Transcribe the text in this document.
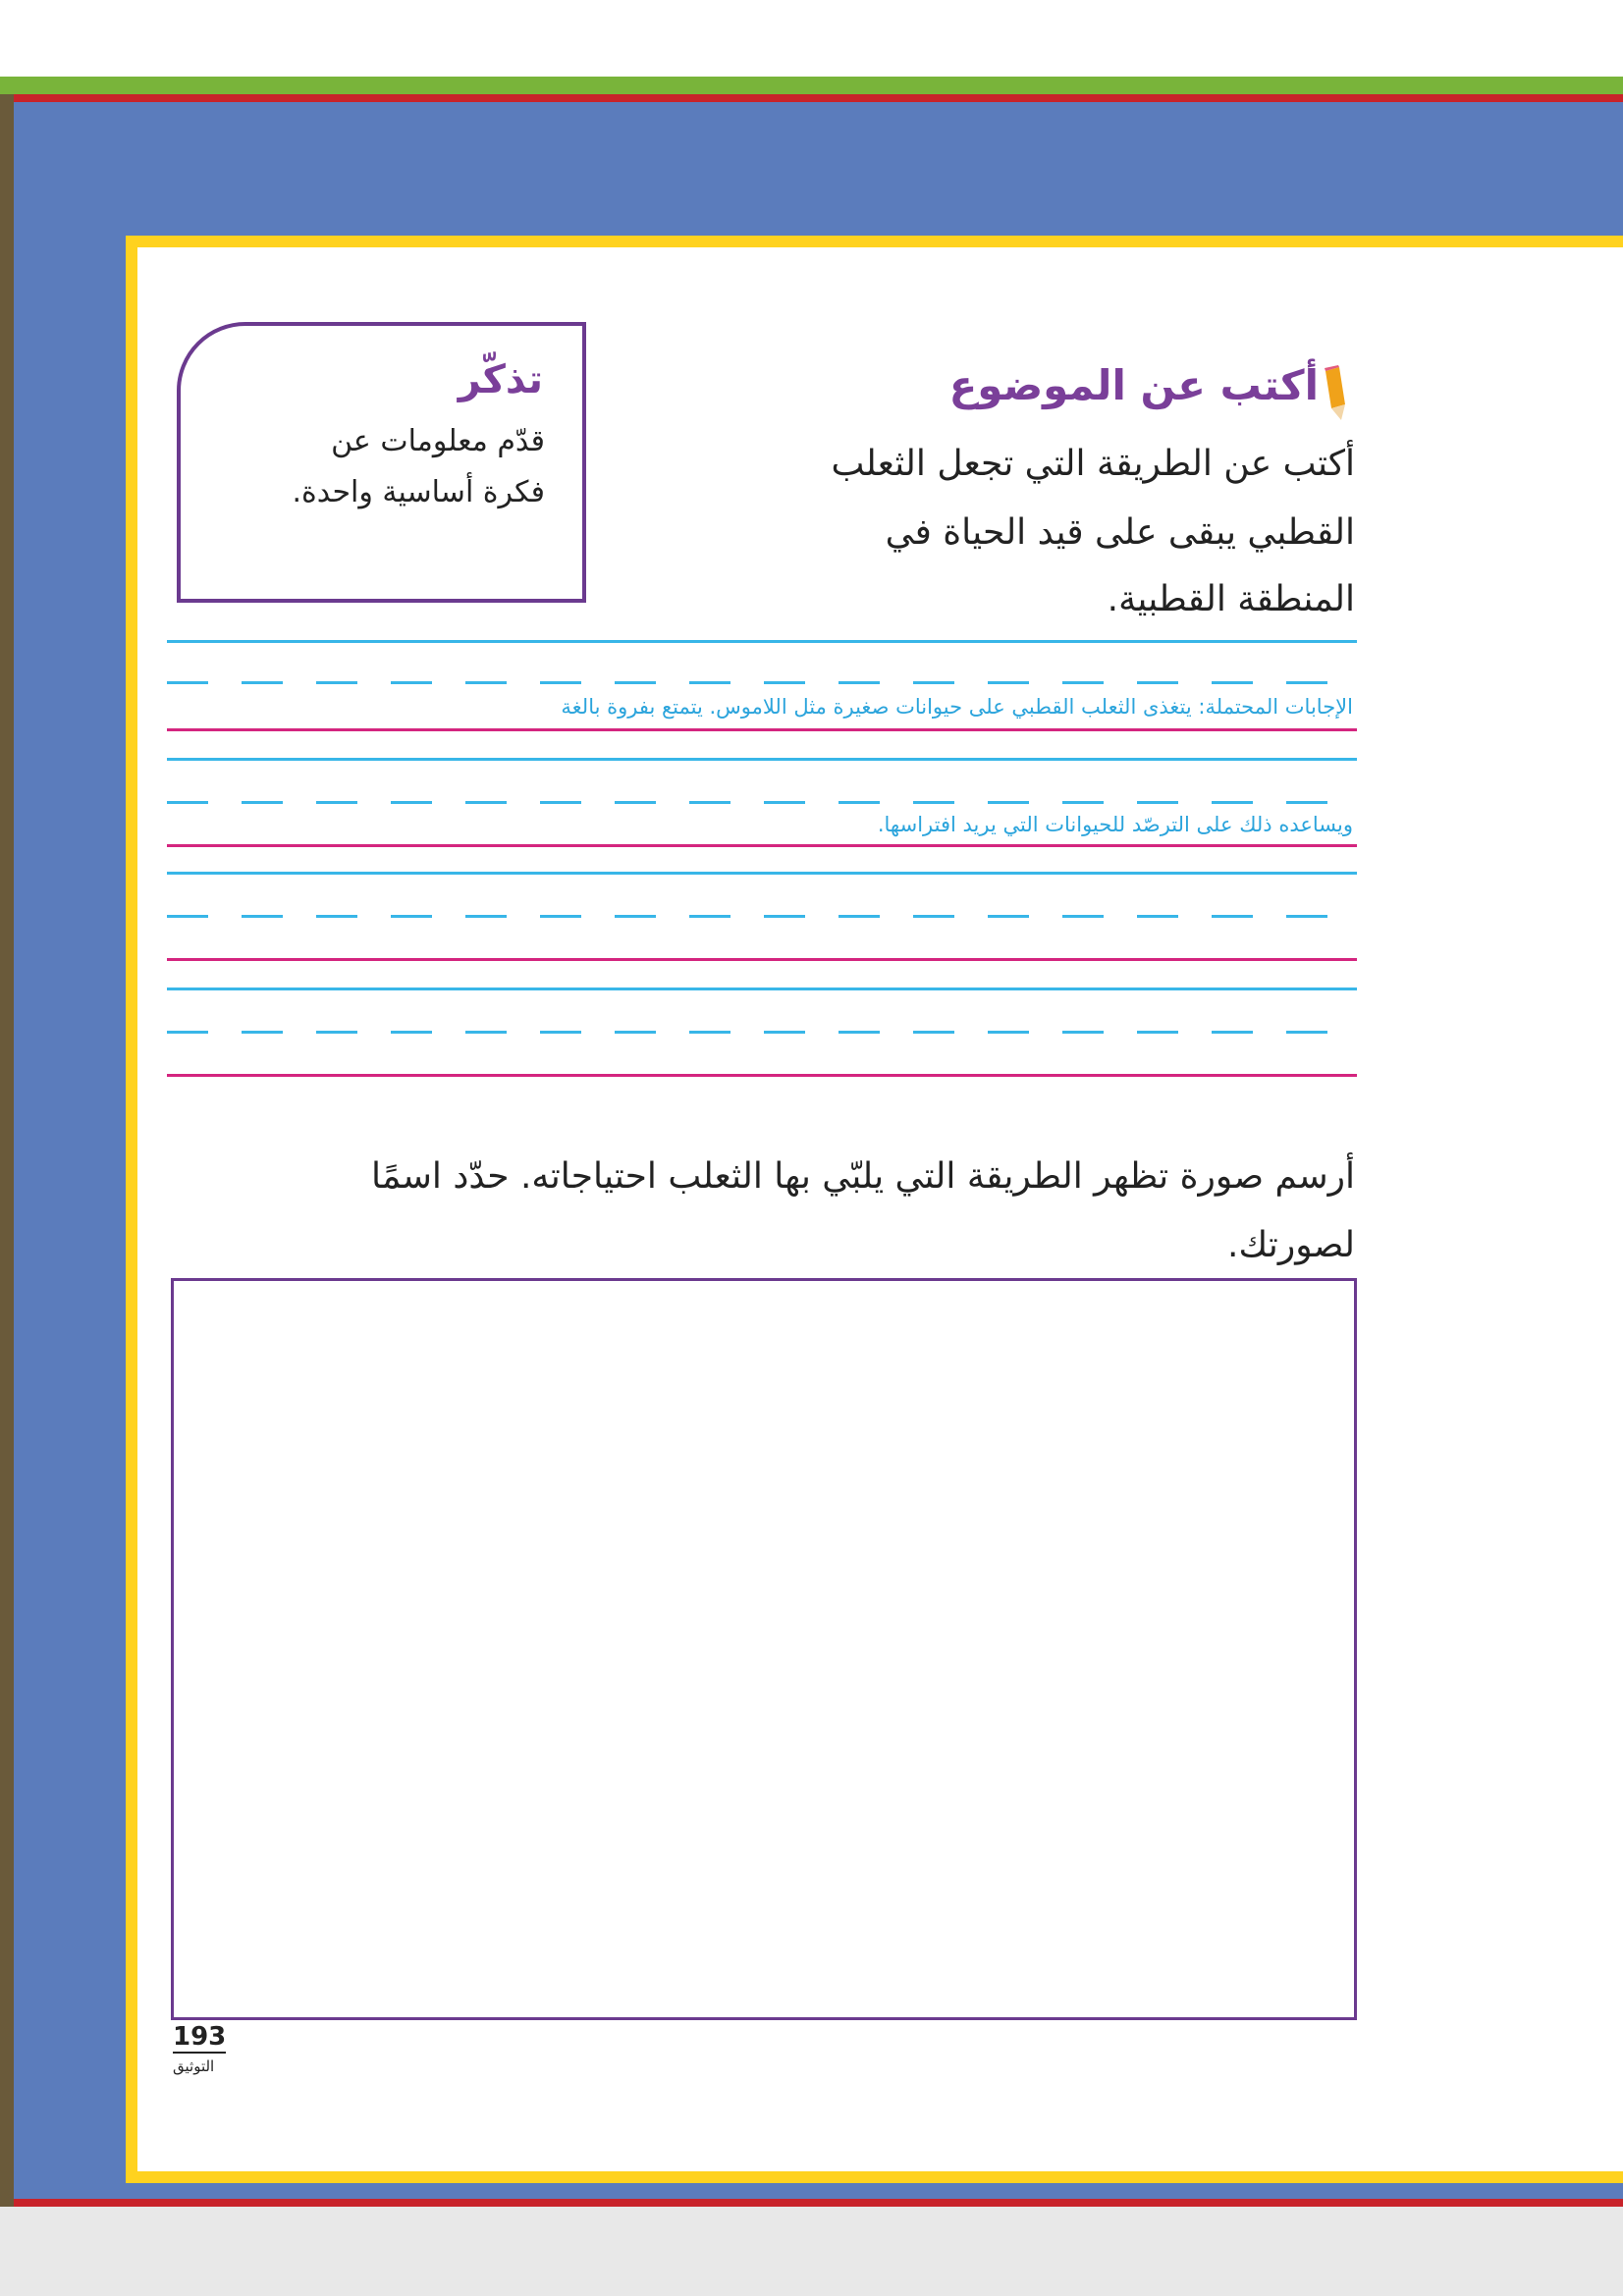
تذكّر
قدّم معلومات عن
فكرة أساسية واحدة.
أكتب عن الموضوع
أكتب عن الطريقة التي تجعل الثعلب
القطبي يبقى على قيد الحياة في
المنطقة القطبية.
الإجابات المحتملة: يتغذى الثعلب القطبي على حيوانات صغيرة مثل اللاموس. يتمتع بفروة بالغة
ويساعده ذلك على الترصّد للحيوانات التي يريد افتراسها.
أرسم صورة تظهر الطريقة التي يلبّي بها الثعلب احتياجاته. حدّد اسمًا
لصورتك.
193
التوثيق
